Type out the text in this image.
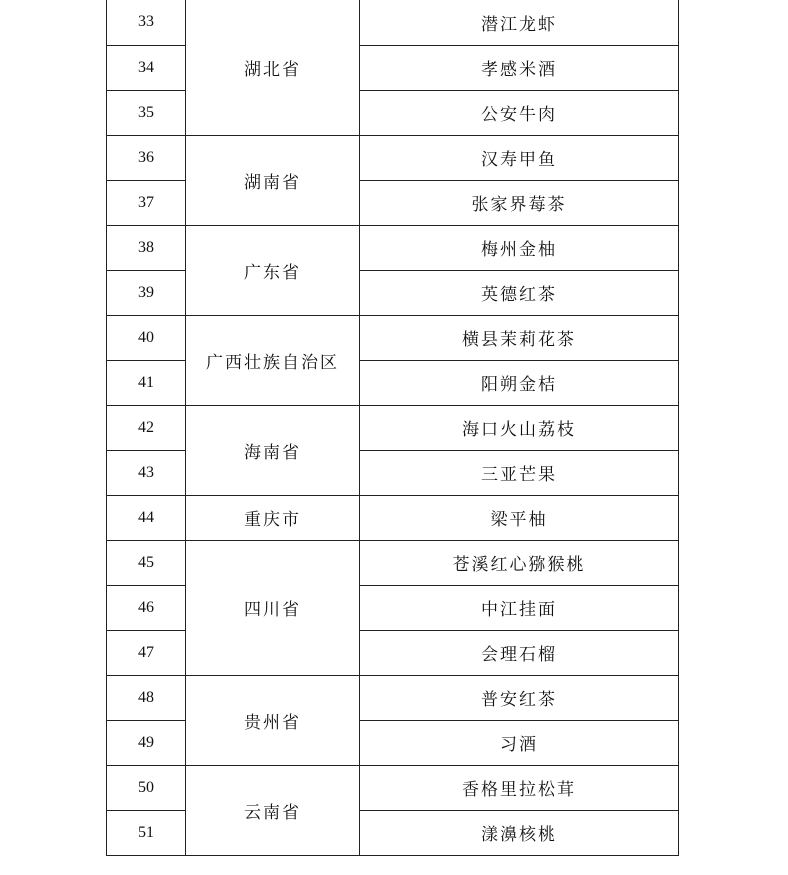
33	湖北省	潜江龙虾
34		孝感米酒
35		公安牛肉
36	湖南省	汉寿甲鱼
37		张家界莓茶
38	广东省	梅州金柚
39		英德红茶
40	广西壮族自治区	横县茉莉花茶
41		阳朔金桔
42	海南省	海口火山荔枝
43		三亚芒果
44	重庆市	梁平柚
45	四川省	苍溪红心猕猴桃
46		中江挂面
47		会理石榴
48	贵州省	普安红茶
49		习酒
50	云南省	香格里拉松茸
51		漾濞核桃
